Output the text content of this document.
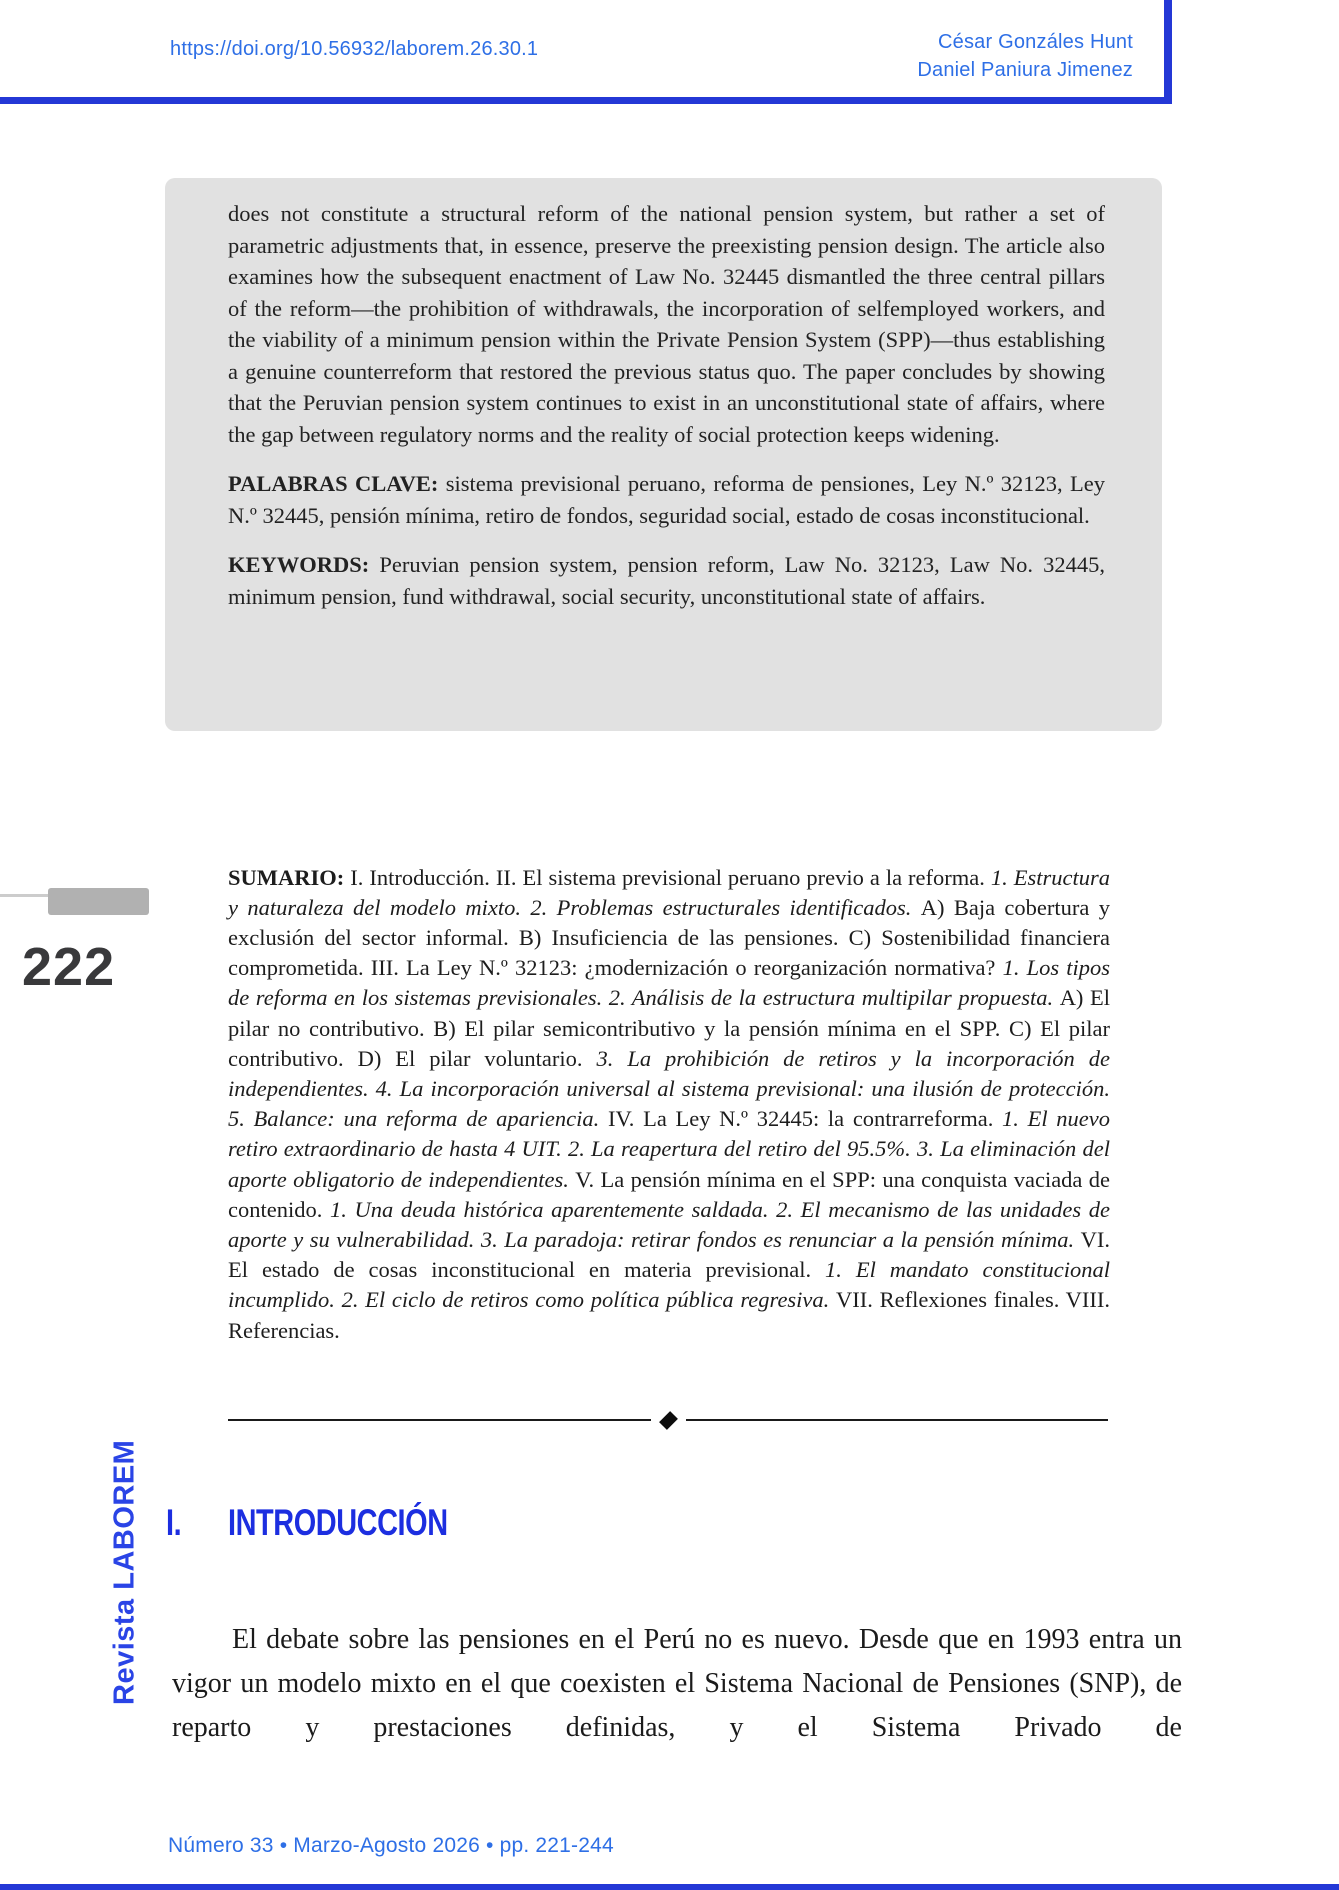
https://doi.org/10.56932/laborem.26.30.1	César Gonzáles Hunt
Daniel Paniura Jimenez

does not constitute a structural reform of the national pension system, but rather a set of parametric adjustments that, in essence, preserve the preexisting pension design. The article also examines how the subsequent enactment of Law No. 32445 dismantled the three central pillars of the reform—the prohibition of withdrawals, the incorporation of selfemployed workers, and the viability of a minimum pension within the Private Pension System (SPP)—thus establishing a genuine counterreform that restored the previous status quo. The paper concludes by showing that the Peruvian pension system continues to exist in an unconstitutional state of affairs, where the gap between regulatory norms and the reality of social protection keeps widening.

PALABRAS CLAVE: sistema previsional peruano, reforma de pensiones, Ley N.º 32123, Ley N.º 32445, pensión mínima, retiro de fondos, seguridad social, estado de cosas inconstitucional.

KEYWORDS: Peruvian pension system, pension reform, Law No. 32123, Law No. 32445, minimum pension, fund withdrawal, social security, unconstitutional state of affairs.

222

SUMARIO: I. Introducción. II. El sistema previsional peruano previo a la reforma. 1. Estructura y naturaleza del modelo mixto. 2. Problemas estructurales identificados. A) Baja cobertura y exclusión del sector informal. B) Insuficiencia de las pensiones. C) Sostenibilidad financiera comprometida. III. La Ley N.º 32123: ¿modernización o reorganización normativa? 1. Los tipos de reforma en los sistemas previsionales. 2. Análisis de la estructura multipilar propuesta. A) El pilar no contributivo. B) El pilar semicontributivo y la pensión mínima en el SPP. C) El pilar contributivo. D) El pilar voluntario. 3. La prohibición de retiros y la incorporación de independientes. 4. La incorporación universal al sistema previsional: una ilusión de protección. 5. Balance: una reforma de apariencia. IV. La Ley N.º 32445: la contrarreforma. 1. El nuevo retiro extraordinario de hasta 4 UIT. 2. La reapertura del retiro del 95.5%. 3. La eliminación del aporte obligatorio de independientes. V. La pensión mínima en el SPP: una conquista vaciada de contenido. 1. Una deuda histórica aparentemente saldada. 2. El mecanismo de las unidades de aporte y su vulnerabilidad. 3. La paradoja: retirar fondos es renunciar a la pensión mínima. VI. El estado de cosas inconstitucional en materia previsional. 1. El mandato constitucional incumplido. 2. El ciclo de retiros como política pública regresiva. VII. Reflexiones finales. VIII. Referencias.

I. INTRODUCCIÓN

El debate sobre las pensiones en el Perú no es nuevo. Desde que en 1993 entra un vigor un modelo mixto en el que coexisten el Sistema Nacional de Pensiones (SNP), de reparto y prestaciones definidas, y el Sistema Privado de

Revista LABOREM
Número 33 • Marzo-Agosto 2026 • pp. 221-244
